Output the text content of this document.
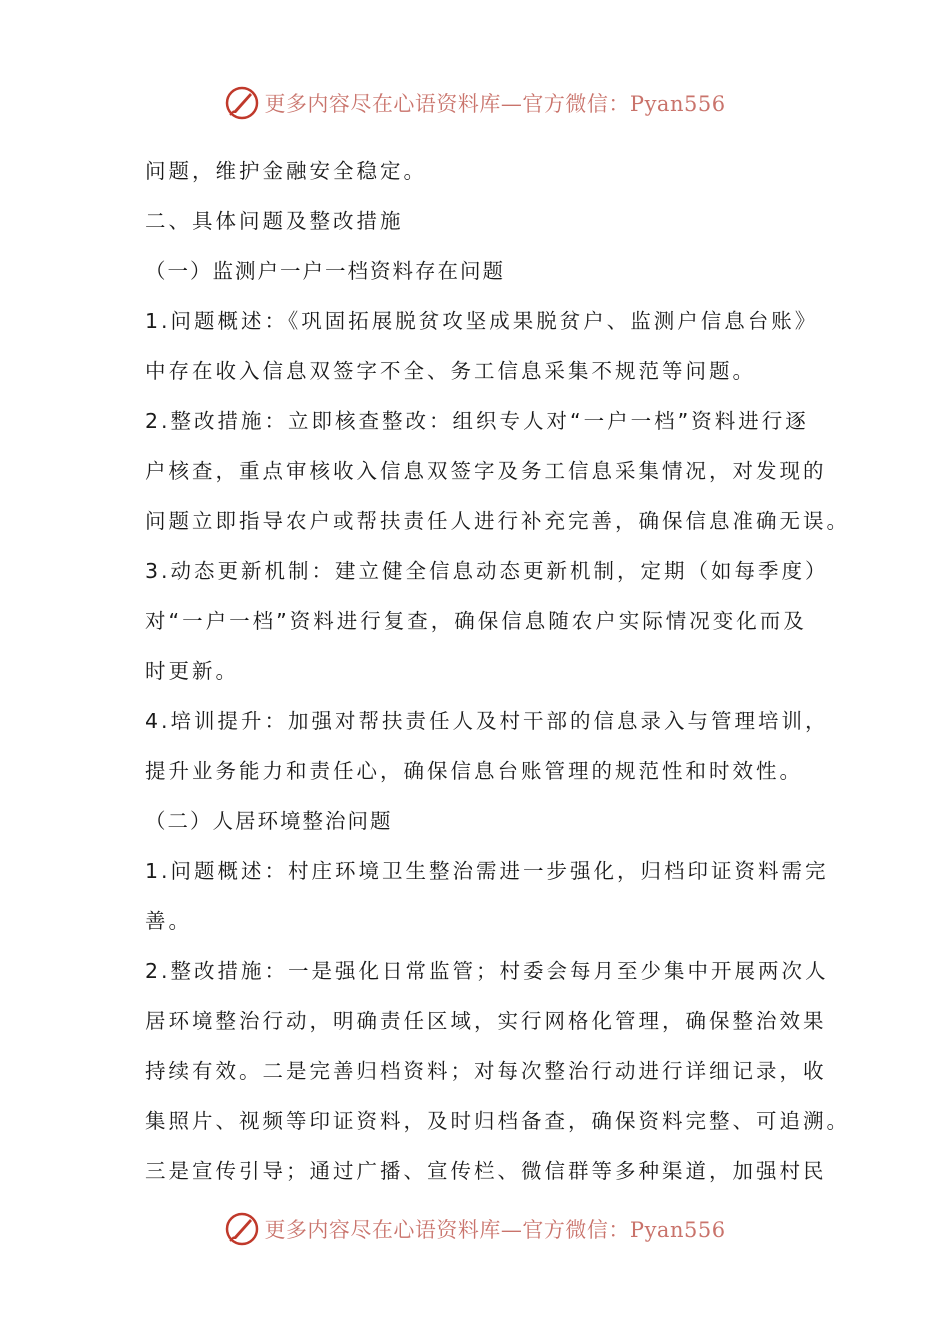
更多内容尽在心语资料库—官方微信：Pyan556
问题，维护金融安全稳定。
二、具体问题及整改措施
（一）监测户一户一档资料存在问题
1.问题概述：《巩固拓展脱贫攻坚成果脱贫户、监测户信息台账》
中存在收入信息双签字不全、务工信息采集不规范等问题。
2.整改措施：立即核查整改：组织专人对“一户一档”资料进行逐
户核查，重点审核收入信息双签字及务工信息采集情况，对发现的
问题立即指导农户或帮扶责任人进行补充完善，确保信息准确无误。
3.动态更新机制：建立健全信息动态更新机制，定期（如每季度）
对“一户一档”资料进行复查，确保信息随农户实际情况变化而及
时更新。
4.培训提升：加强对帮扶责任人及村干部的信息录入与管理培训，
提升业务能力和责任心，确保信息台账管理的规范性和时效性。
（二）人居环境整治问题
1.问题概述：村庄环境卫生整治需进一步强化，归档印证资料需完
善。
2.整改措施：一是强化日常监管；村委会每月至少集中开展两次人
居环境整治行动，明确责任区域，实行网格化管理，确保整治效果
持续有效。二是完善归档资料；对每次整治行动进行详细记录，收
集照片、视频等印证资料，及时归档备查，确保资料完整、可追溯。
三是宣传引导；通过广播、宣传栏、微信群等多种渠道，加强村民
更多内容尽在心语资料库—官方微信：Pyan556
